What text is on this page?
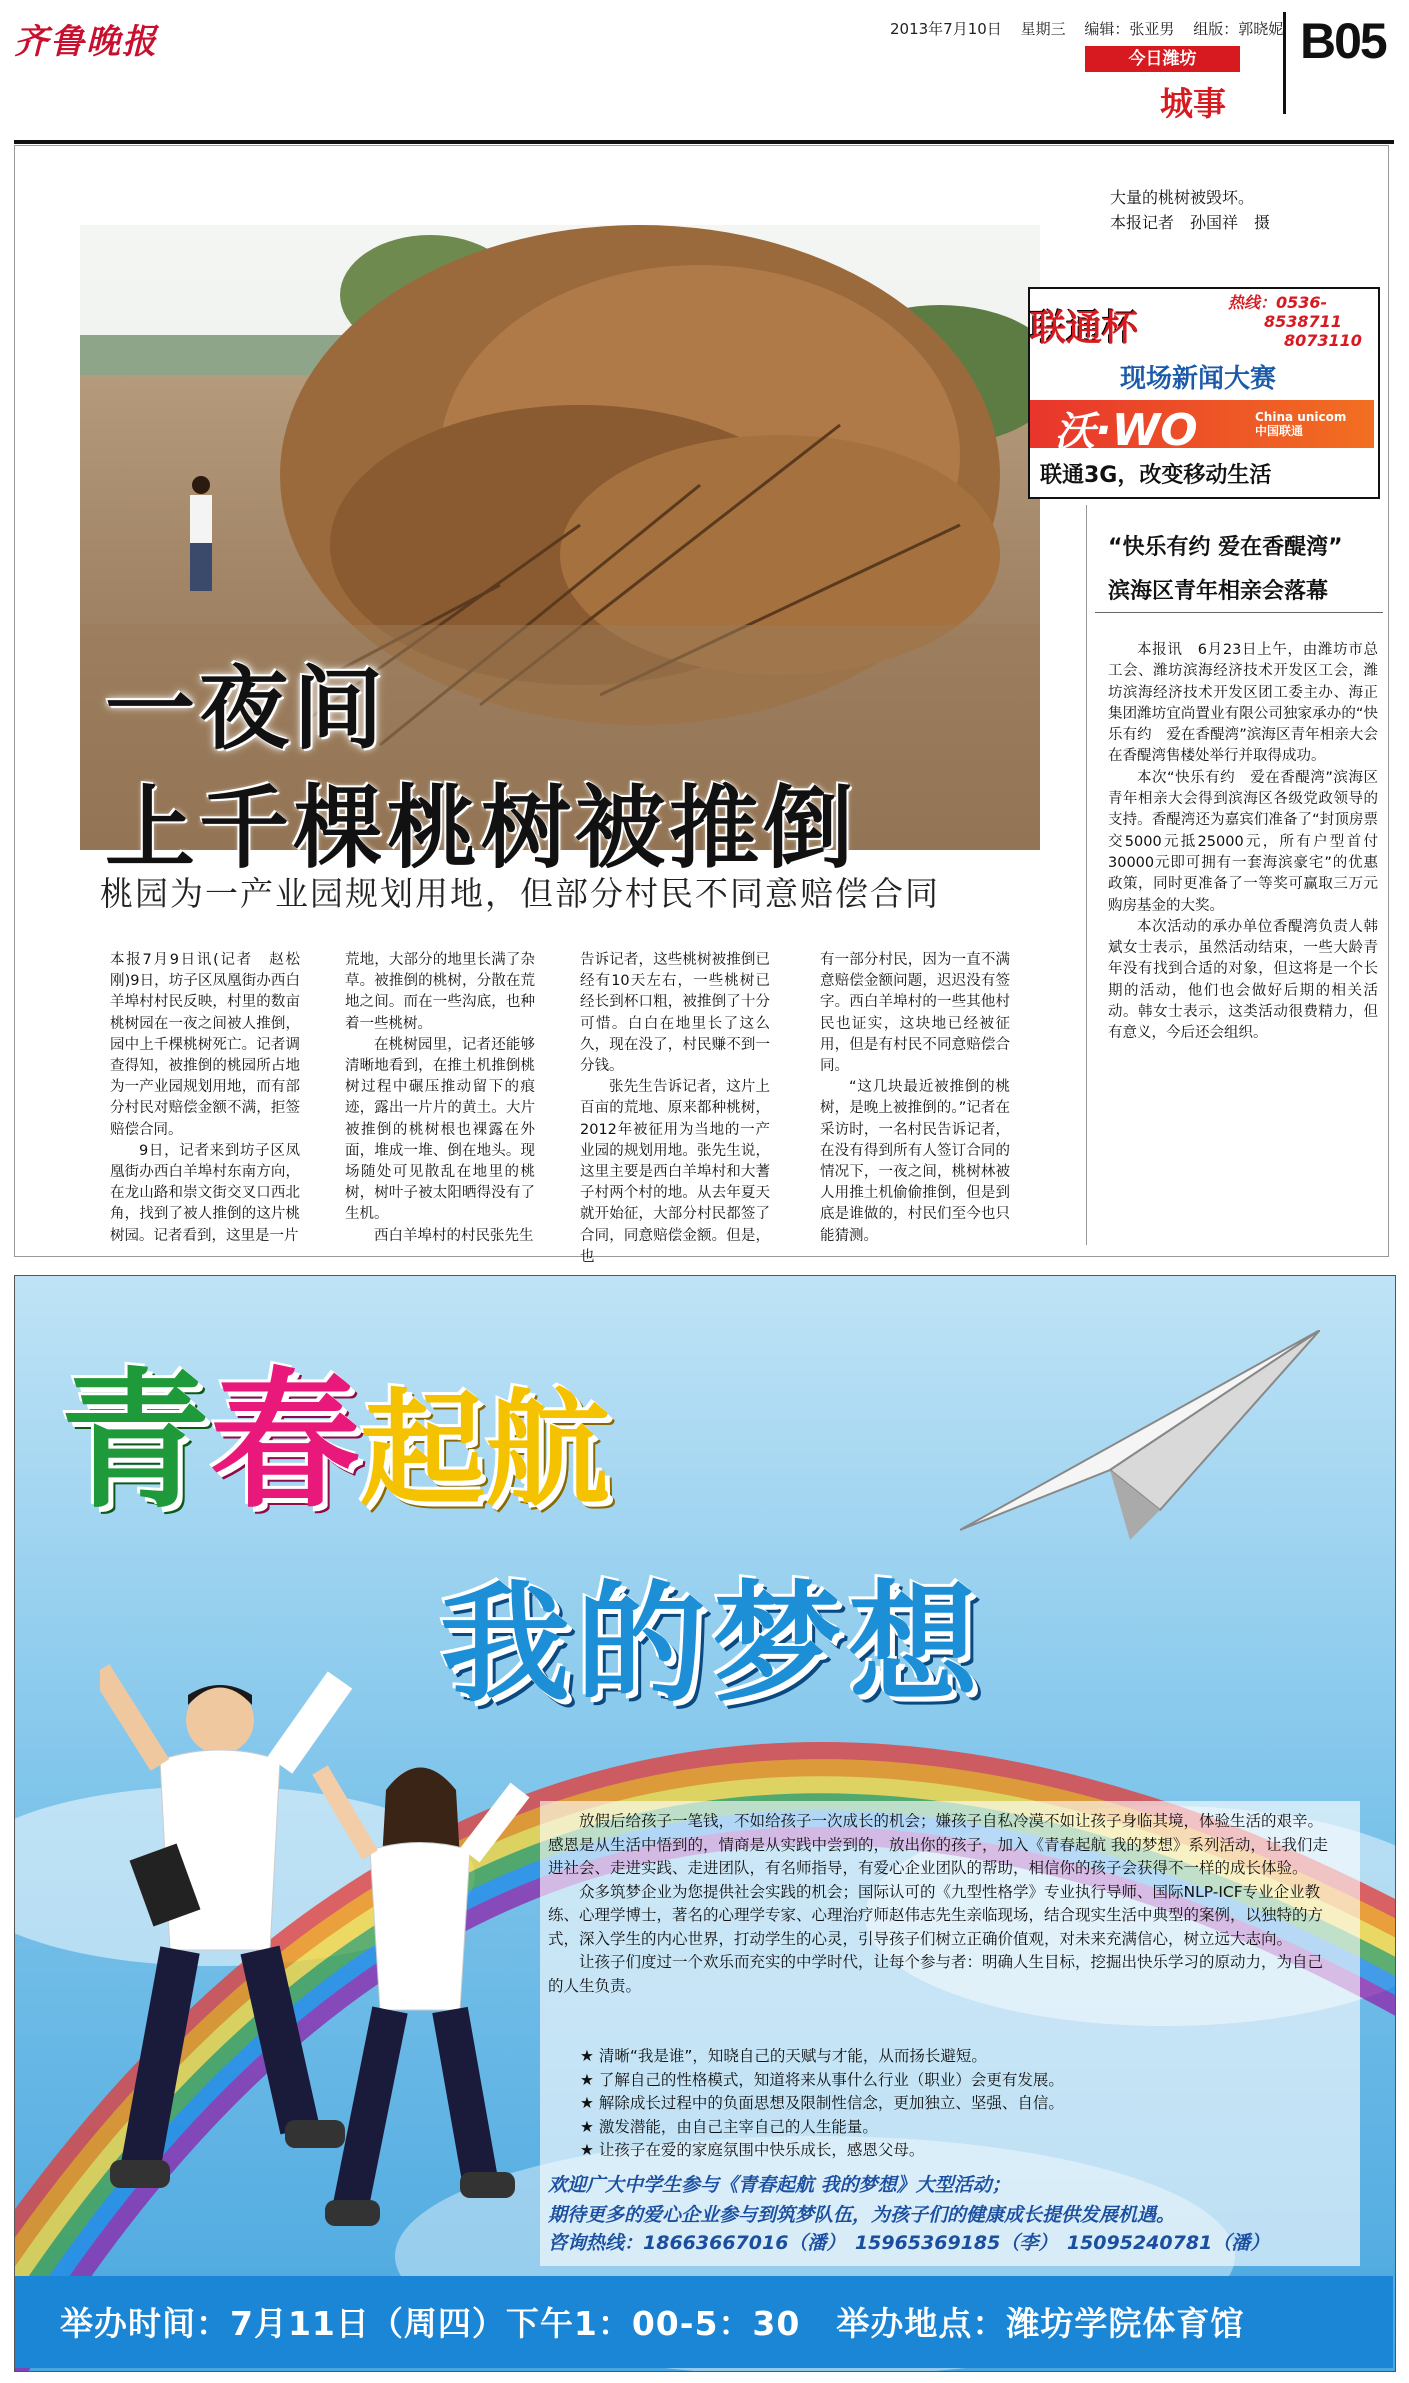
齐鲁晚报	2013年7月10日 星期三 编辑：张亚男 组版：郭晓妮
今日潍坊
城事
B05
一夜间
上千棵桃树被推倒
桃园为一产业园规划用地，但部分村民不同意赔偿合同
大量的桃树被毁坏。
本报记者　孙国祥　摄
联通杯
热线：0536-
8538711
8073110
现场新闻大赛
沃·WO	China unicom
中国联通
联通3G，改变移动生活
“快乐有约 爱在香醍湾”
滨海区青年相亲会落幕

本报讯　6月23日上午，由潍坊市总工会、潍坊滨海经济技术开发区工会，潍坊滨海经济技术开发区团工委主办、海正集团潍坊宜尚置业有限公司独家承办的“快乐有约　爱在香醍湾”滨海区青年相亲大会在香醍湾售楼处举行并取得成功。

本次“快乐有约　爱在香醍湾”滨海区青年相亲大会得到滨海区各级党政领导的支持。香醍湾还为嘉宾们准备了“封顶房票交5000元抵25000元，所有户型首付30000元即可拥有一套海滨豪宅”的优惠政策，同时更准备了一等奖可赢取三万元购房基金的大奖。

本次活动的承办单位香醍湾负责人韩斌女士表示，虽然活动结束，一些大龄青年没有找到合适的对象，但这将是一个长期的活动，他们也会做好后期的相关活动。韩女士表示，这类活动很费精力，但有意义，今后还会组织。

本报7月9日讯(记者　赵松刚)9日，坊子区凤凰街办西白羊埠村村民反映，村里的数亩桃树园在一夜之间被人推倒，园中上千棵桃树死亡。记者调查得知，被推倒的桃园所占地为一产业园规划用地，而有部分村民对赔偿金额不满，拒签赔偿合同。

9日，记者来到坊子区凤凰街办西白羊埠村东南方向，在龙山路和崇文街交叉口西北角，找到了被人推倒的这片桃树园。记者看到，这里是一片

荒地，大部分的地里长满了杂草。被推倒的桃树，分散在荒地之间。而在一些沟底，也种着一些桃树。

在桃树园里，记者还能够清晰地看到，在推土机推倒桃树过程中碾压推动留下的痕迹，露出一片片的黄土。大片被推倒的桃树根也裸露在外面，堆成一堆、倒在地头。现场随处可见散乱在地里的桃树，树叶子被太阳晒得没有了生机。

西白羊埠村的村民张先生

告诉记者，这些桃树被推倒已经有10天左右，一些桃树已经长到杯口粗，被推倒了十分可惜。白白在地里长了这么久，现在没了，村民赚不到一分钱。

张先生告诉记者，这片上百亩的荒地、原来都种桃树，2012年被征用为当地的一产业园的规划用地。张先生说，这里主要是西白羊埠村和大蓍子村两个村的地。从去年夏天就开始征，大部分村民都签了合同，同意赔偿金额。但是，也

有一部分村民，因为一直不满意赔偿金额问题，迟迟没有签字。西白羊埠村的一些其他村民也证实，这块地已经被征用，但是有村民不同意赔偿合同。

“这几块最近被推倒的桃树，是晚上被推倒的。”记者在采访时，一名村民告诉记者，在没有得到所有人签订合同的情况下，一夜之间，桃树林被人用推土机偷偷推倒，但是到底是谁做的，村民们至今也只能猜测。

青春起航
我的梦想

放假后给孩子一笔钱，不如给孩子一次成长的机会；嫌孩子自私冷漠不如让孩子身临其境，体验生活的艰辛。感恩是从生活中悟到的，情商是从实践中尝到的，放出你的孩子，加入《青春起航 我的梦想》系列活动，让我们走进社会、走进实践、走进团队，有名师指导，有爱心企业团队的帮助，相信你的孩子会获得不一样的成长体验。

众多筑梦企业为您提供社会实践的机会；国际认可的《九型性格学》专业执行导师、国际NLP-ICF专业企业教练、心理学博士，著名的心理学专家、心理治疗师赵伟志先生亲临现场，结合现实生活中典型的案例，以独特的方式，深入学生的内心世界，打动学生的心灵，引导孩子们树立正确价值观，对未来充满信心，树立远大志向。

让孩子们度过一个欢乐而充实的中学时代，让每个参与者：明确人生目标，挖掘出快乐学习的原动力，为自己的人生负责。

★ 清晰“我是谁”，知晓自己的天赋与才能，从而扬长避短。
★ 了解自己的性格模式，知道将来从事什么行业（职业）会更有发展。
★ 解除成长过程中的负面思想及限制性信念，更加独立、坚强、自信。
★ 激发潜能，由自己主宰自己的人生能量。
★ 让孩子在爱的家庭氛围中快乐成长，感恩父母。
欢迎广大中学生参与《青春起航 我的梦想》大型活动；
期待更多的爱心企业参与到筑梦队伍，为孩子们的健康成长提供发展机遇。
咨询热线：18663667016（潘）　15965369185（李）　15095240781（潘）
举办时间：7月11日（周四）下午1：00-5：30 举办地点：潍坊学院体育馆
